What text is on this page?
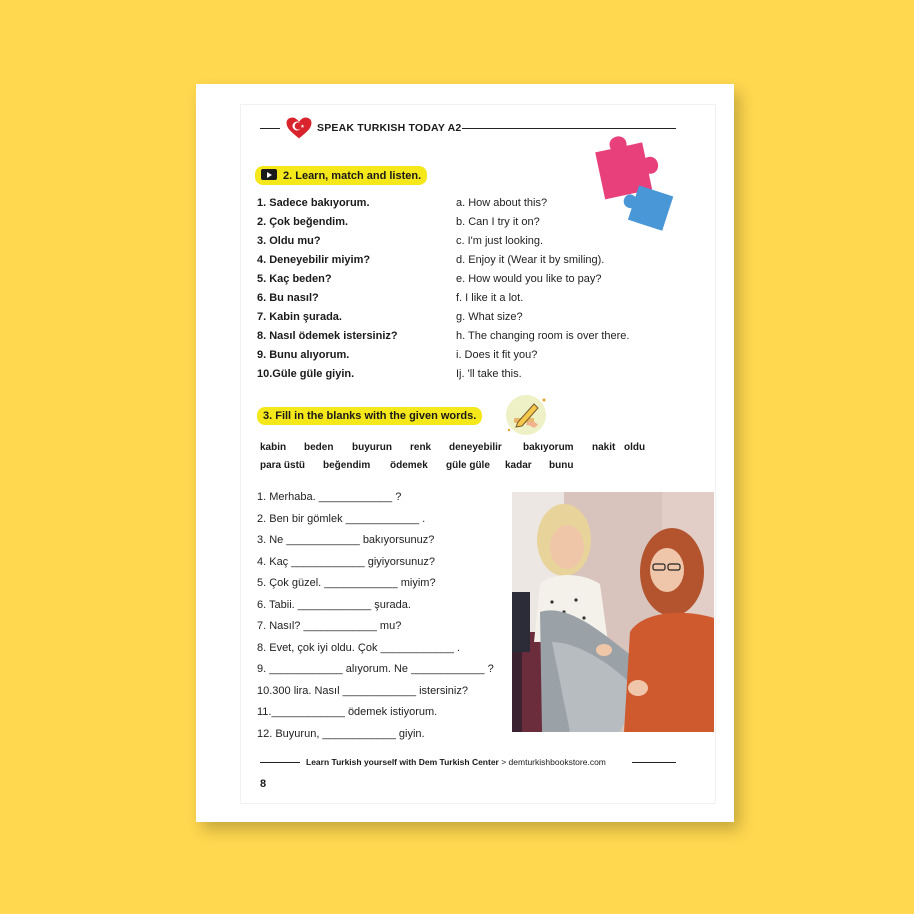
SPEAK TURKISH TODAY A2
2. Learn, match and listen.
1. Sadece bakıyorum.
2. Çok beğendim.
3. Oldu mu?
4. Deneyebilir miyim?
5. Kaç beden?
6. Bu nasıl?
7. Kabin şurada.
8. Nasıl ödemek istersiniz?
9. Bunu alıyorum.
10.Güle güle giyin.
a. How about this?
b. Can I try it on?
c. I'm just looking.
d. Enjoy it (Wear it by smiling).
e. How would you like to pay?
f. I like it a lot.
g. What size?
h. The changing room is over there.
i. Does it fit you?
Ij. 'll take this.
3. Fill in the blanks with the given words.
kabin beden buyurun renk deneyebilir bakıyorum nakit oldu
para üstü beğendim ödemek güle güle kadar bunu
1. Merhaba. ____________ ?
2. Ben bir gömlek ____________ .
3. Ne ____________ bakıyorsunuz?
4. Kaç ____________ giyiyorsunuz?
5. Çok güzel. ____________ miyim?
6. Tabii. ____________ şurada.
7. Nasıl? ____________ mu?
8. Evet, çok iyi oldu. Çok ____________ .
9. ____________ alıyorum. Ne ____________ ?
10.300 lira. Nasıl ____________ istersiniz?
11.____________ ödemek istiyorum.
12. Buyurun, ____________ giyin.
Learn Turkish yourself with Dem Turkish Center > demturkishbookstore.com
8
